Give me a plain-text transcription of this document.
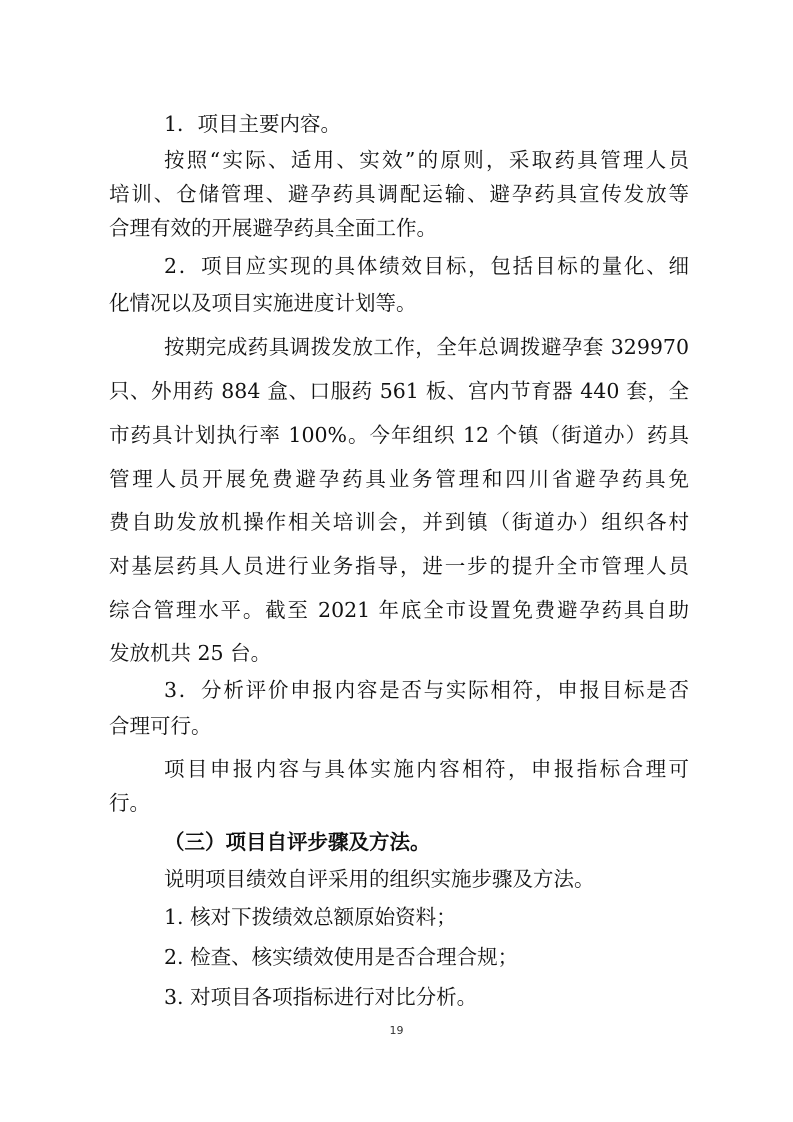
1．项目主要内容。
按照“实际、适用、实效”的原则，采取药具管理人员
培训、仓储管理、避孕药具调配运输、避孕药具宣传发放等
合理有效的开展避孕药具全面工作。
2．项目应实现的具体绩效目标，包括目标的量化、细
化情况以及项目实施进度计划等。
按期完成药具调拨发放工作，全年总调拨避孕套 329970
只、外用药 884 盒、口服药 561 板、宫内节育器 440 套，全
市药具计划执行率 100%。今年组织 12 个镇（街道办）药具
管理人员开展免费避孕药具业务管理和四川省避孕药具免
费自助发放机操作相关培训会，并到镇（街道办）组织各村
对基层药具人员进行业务指导，进一步的提升全市管理人员
综合管理水平。截至 2021 年底全市设置免费避孕药具自助
发放机共 25 台。
3．分析评价申报内容是否与实际相符，申报目标是否
合理可行。
项目申报内容与具体实施内容相符，申报指标合理可
行。
（三）项目自评步骤及方法。
说明项目绩效自评采用的组织实施步骤及方法。
1. 核对下拨绩效总额原始资料；
2. 检查、核实绩效使用是否合理合规；
3. 对项目各项指标进行对比分析。
19
